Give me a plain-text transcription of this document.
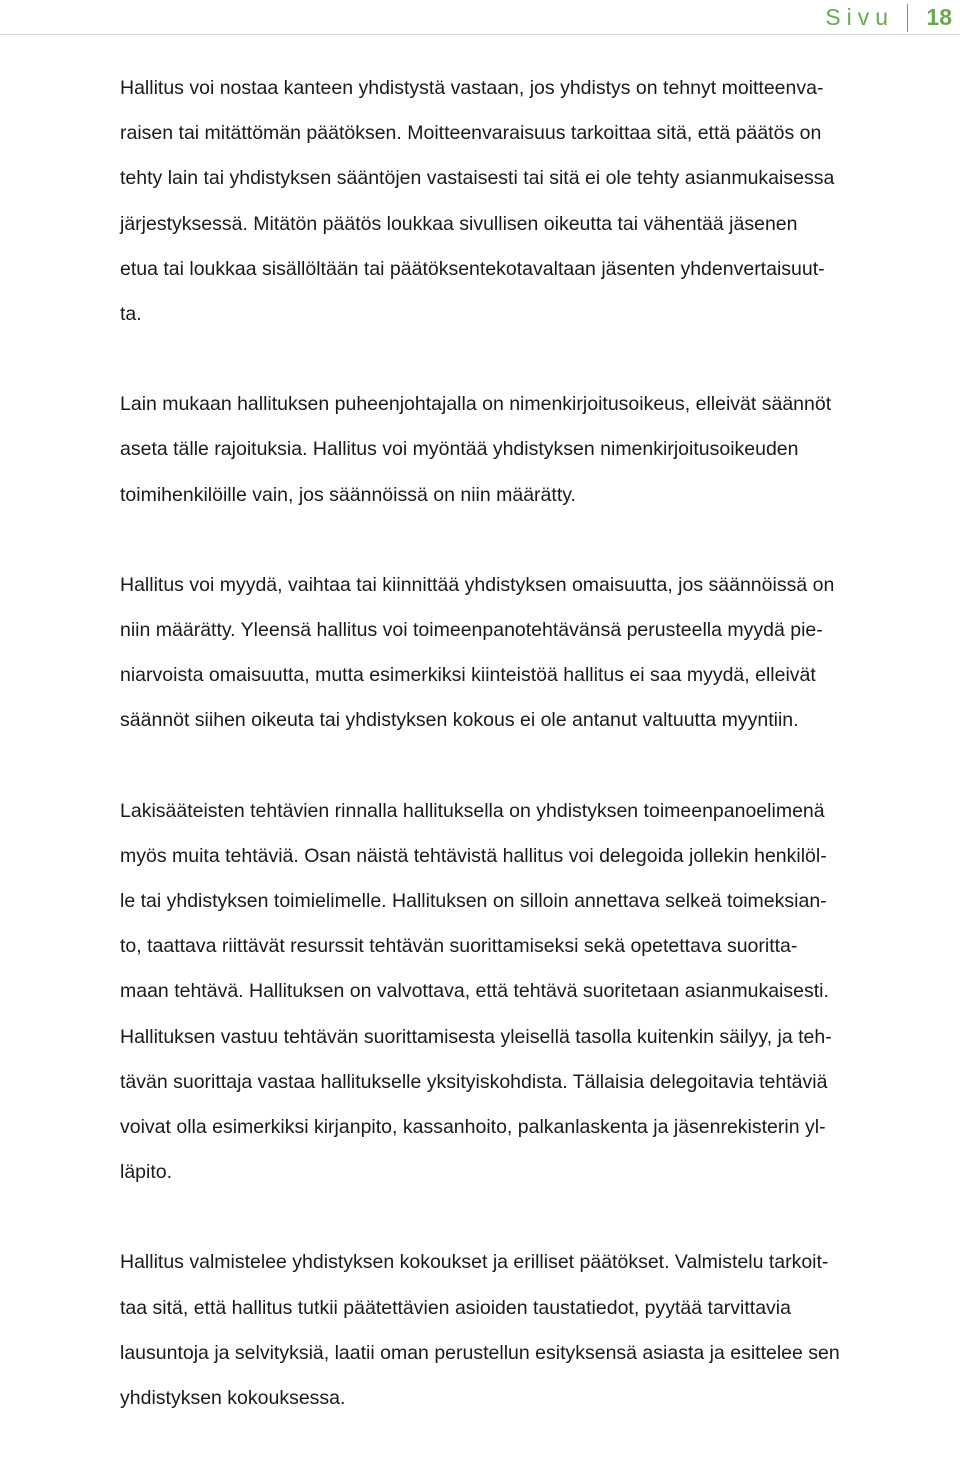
Sivu 18

Hallitus voi nostaa kanteen yhdistystä vastaan, jos yhdistys on tehnyt moitteenva-
raisen tai mitättömän päätöksen. Moitteenvaraisuus tarkoittaa sitä, että päätös on
tehty lain tai yhdistyksen sääntöjen vastaisesti tai sitä ei ole tehty asianmukaisessa
järjestyksessä. Mitätön päätös loukkaa sivullisen oikeutta tai vähentää jäsenen
etua tai loukkaa sisällöltään tai päätöksentekotavaltaan jäsenten yhdenvertaisuut-
ta.

Lain mukaan hallituksen puheenjohtajalla on nimenkirjoitusoikeus, elleivät säännöt
aseta tälle rajoituksia. Hallitus voi myöntää yhdistyksen nimenkirjoitusoikeuden
toimihenkilöille vain, jos säännöissä on niin määrätty.

Hallitus voi myydä, vaihtaa tai kiinnittää yhdistyksen omaisuutta, jos säännöissä on
niin määrätty. Yleensä hallitus voi toimeenpanotehtävänsä perusteella myydä pie-
niarvoista omaisuutta, mutta esimerkiksi kiinteistöä hallitus ei saa myydä, elleivät
säännöt siihen oikeuta tai yhdistyksen kokous ei ole antanut valtuutta myyntiin.

Lakisääteisten tehtävien rinnalla hallituksella on yhdistyksen toimeenpanoelimenä
myös muita tehtäviä. Osan näistä tehtävistä hallitus voi delegoida jollekin henkilöl-
le tai yhdistyksen toimielimelle. Hallituksen on silloin annettava selkeä toimeksian-
to, taattava riittävät resurssit tehtävän suorittamiseksi sekä opetettava suoritta-
maan tehtävä. Hallituksen on valvottava, että tehtävä suoritetaan asianmukaisesti.
Hallituksen vastuu tehtävän suorittamisesta yleisellä tasolla kuitenkin säilyy, ja teh-
tävän suorittaja vastaa hallitukselle yksityiskohdista. Tällaisia delegoitavia tehtäviä
voivat olla esimerkiksi kirjanpito, kassanhoito, palkanlaskenta ja jäsenrekisterin yl-
läpito.

Hallitus valmistelee yhdistyksen kokoukset ja erilliset päätökset. Valmistelu tarkoit-
taa sitä, että hallitus tutkii päätettävien asioiden taustatiedot, pyytää tarvittavia
lausuntoja ja selvityksiä, laatii oman perustellun esityksensä asiasta ja esittelee sen
yhdistyksen kokouksessa.
